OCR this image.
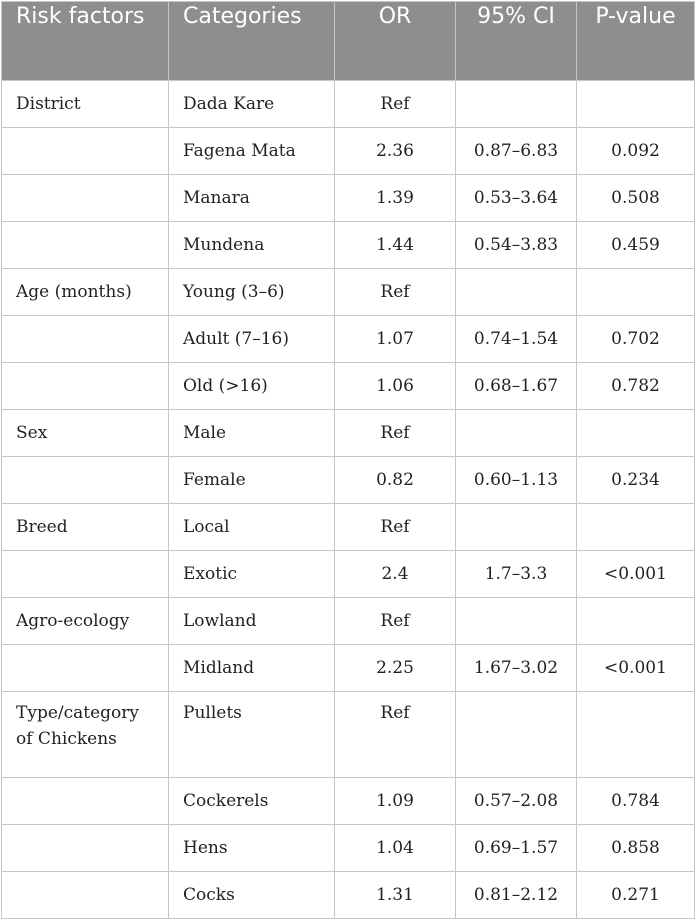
Risk factors	Categories	OR	95% CI	P-value
District	Dada Kare	Ref		
	Fagena Mata	2.36	0.87–6.83	0.092
	Manara	1.39	0.53–3.64	0.508
	Mundena	1.44	0.54–3.83	0.459
Age (months)	Young (3–6)	Ref		
	Adult (7–16)	1.07	0.74–1.54	0.702
	Old (>16)	1.06	0.68–1.67	0.782
Sex	Male	Ref		
	Female	0.82	0.60–1.13	0.234
Breed	Local	Ref		
	Exotic	2.4	1.7–3.3	<0.001
Agro-ecology	Lowland	Ref		
	Midland	2.25	1.67–3.02	<0.001
Type/category of Chickens	Pullets	Ref		
	Cockerels	1.09	0.57–2.08	0.784
	Hens	1.04	0.69–1.57	0.858
	Cocks	1.31	0.81–2.12	0.271
